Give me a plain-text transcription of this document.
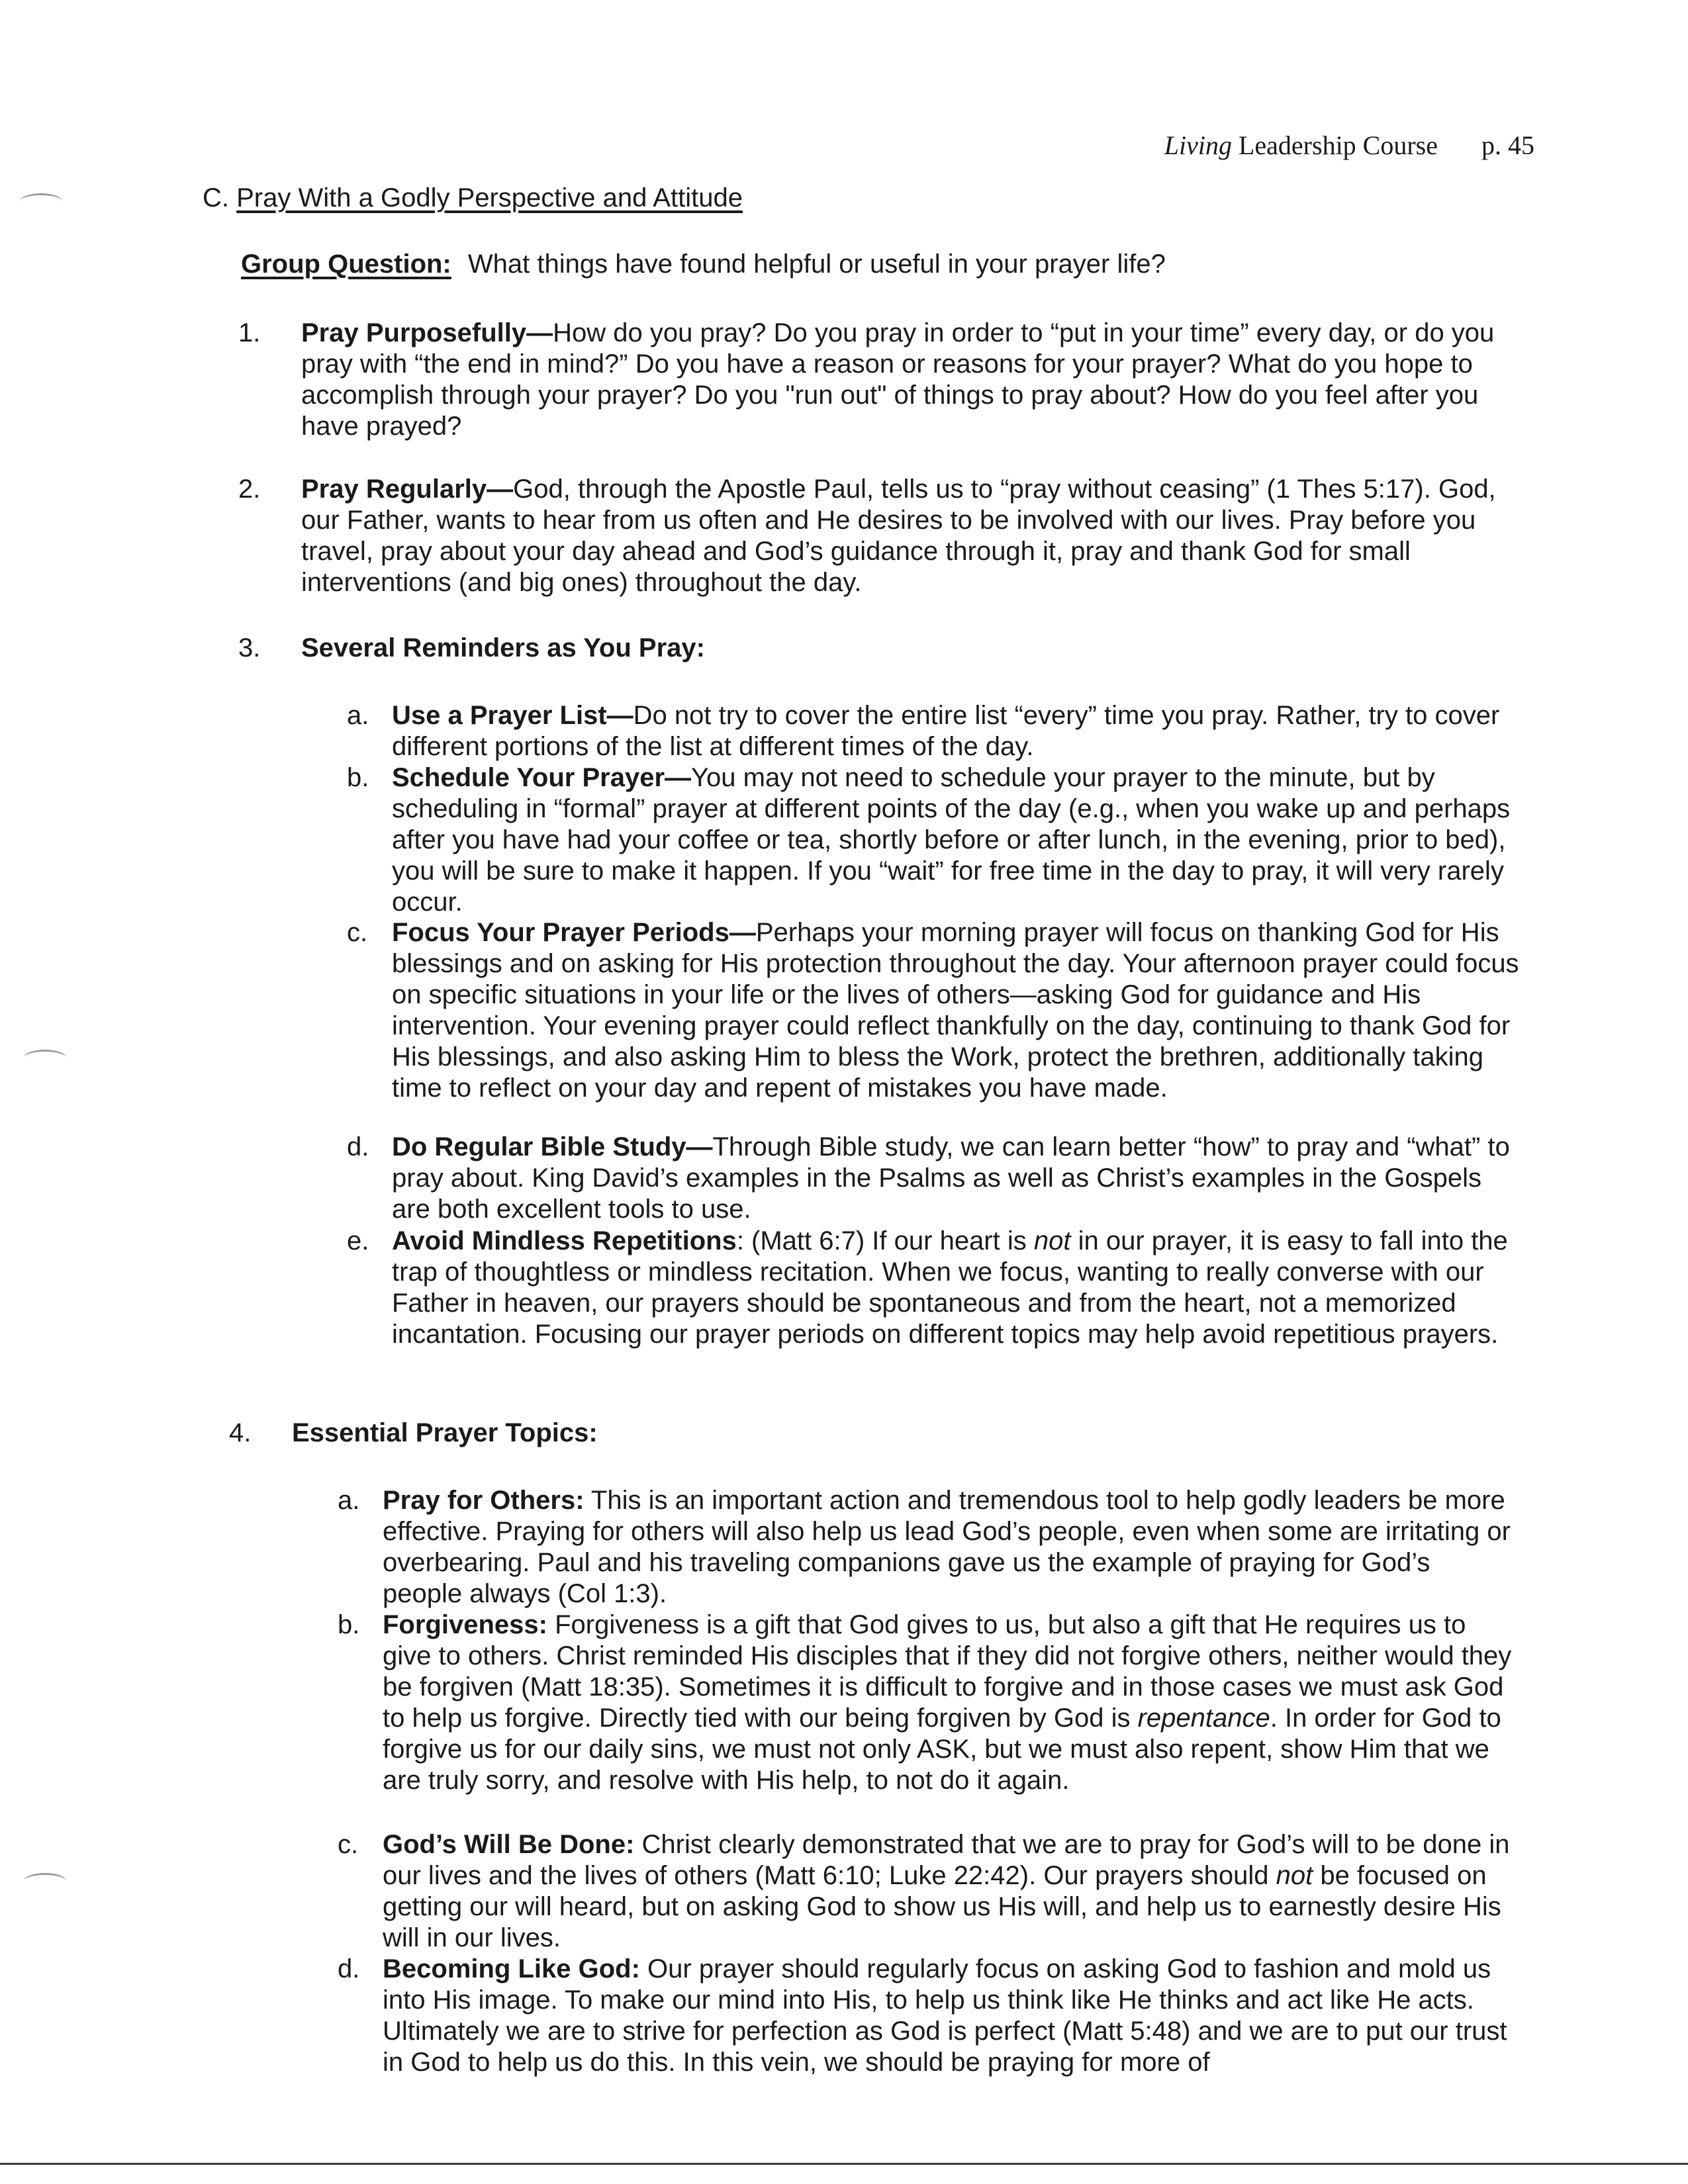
Living Leadership Course p. 45
C. Pray With a Godly Perspective and Attitude
Group Question: What things have found helpful or useful in your prayer life?
1. Pray Purposefully—How do you pray? Do you pray in order to “put in your time” every day, or do you pray with “the end in mind?” Do you have a reason or reasons for your prayer? What do you hope to accomplish through your prayer? Do you "run out" of things to pray about? How do you feel after you have prayed?
2. Pray Regularly—God, through the Apostle Paul, tells us to “pray without ceasing” (1 Thes 5:17). God, our Father, wants to hear from us often and He desires to be involved with our lives. Pray before you travel, pray about your day ahead and God’s guidance through it, pray and thank God for small interventions (and big ones) throughout the day.
3. Several Reminders as You Pray:
a. Use a Prayer List—Do not try to cover the entire list “every” time you pray. Rather, try to cover different portions of the list at different times of the day.
b. Schedule Your Prayer—You may not need to schedule your prayer to the minute, but by scheduling in “formal” prayer at different points of the day (e.g., when you wake up and perhaps after you have had your coffee or tea, shortly before or after lunch, in the evening, prior to bed), you will be sure to make it happen. If you “wait” for free time in the day to pray, it will very rarely occur.
c. Focus Your Prayer Periods—Perhaps your morning prayer will focus on thanking God for His blessings and on asking for His protection throughout the day. Your afternoon prayer could focus on specific situations in your life or the lives of others—asking God for guidance and His intervention. Your evening prayer could reflect thankfully on the day, continuing to thank God for His blessings, and also asking Him to bless the Work, protect the brethren, additionally taking time to reflect on your day and repent of mistakes you have made.
d. Do Regular Bible Study—Through Bible study, we can learn better “how” to pray and “what” to pray about. King David’s examples in the Psalms as well as Christ’s examples in the Gospels are both excellent tools to use.
e. Avoid Mindless Repetitions: (Matt 6:7) If our heart is not in our prayer, it is easy to fall into the trap of thoughtless or mindless recitation. When we focus, wanting to really converse with our Father in heaven, our prayers should be spontaneous and from the heart, not a memorized incantation. Focusing our prayer periods on different topics may help avoid repetitious prayers.
4. Essential Prayer Topics:
a. Pray for Others: This is an important action and tremendous tool to help godly leaders be more effective. Praying for others will also help us lead God’s people, even when some are irritating or overbearing. Paul and his traveling companions gave us the example of praying for God’s people always (Col 1:3).
b. Forgiveness: Forgiveness is a gift that God gives to us, but also a gift that He requires us to give to others. Christ reminded His disciples that if they did not forgive others, neither would they be forgiven (Matt 18:35). Sometimes it is difficult to forgive and in those cases we must ask God to help us forgive. Directly tied with our being forgiven by God is repentance. In order for God to forgive us for our daily sins, we must not only ASK, but we must also repent, show Him that we are truly sorry, and resolve with His help, to not do it again.
c. God’s Will Be Done: Christ clearly demonstrated that we are to pray for God’s will to be done in our lives and the lives of others (Matt 6:10; Luke 22:42). Our prayers should not be focused on getting our will heard, but on asking God to show us His will, and help us to earnestly desire His will in our lives.
d. Becoming Like God: Our prayer should regularly focus on asking God to fashion and mold us into His image. To make our mind into His, to help us think like He thinks and act like He acts. Ultimately we are to strive for perfection as God is perfect (Matt 5:48) and we are to put our trust in God to help us do this. In this vein, we should be praying for more of
